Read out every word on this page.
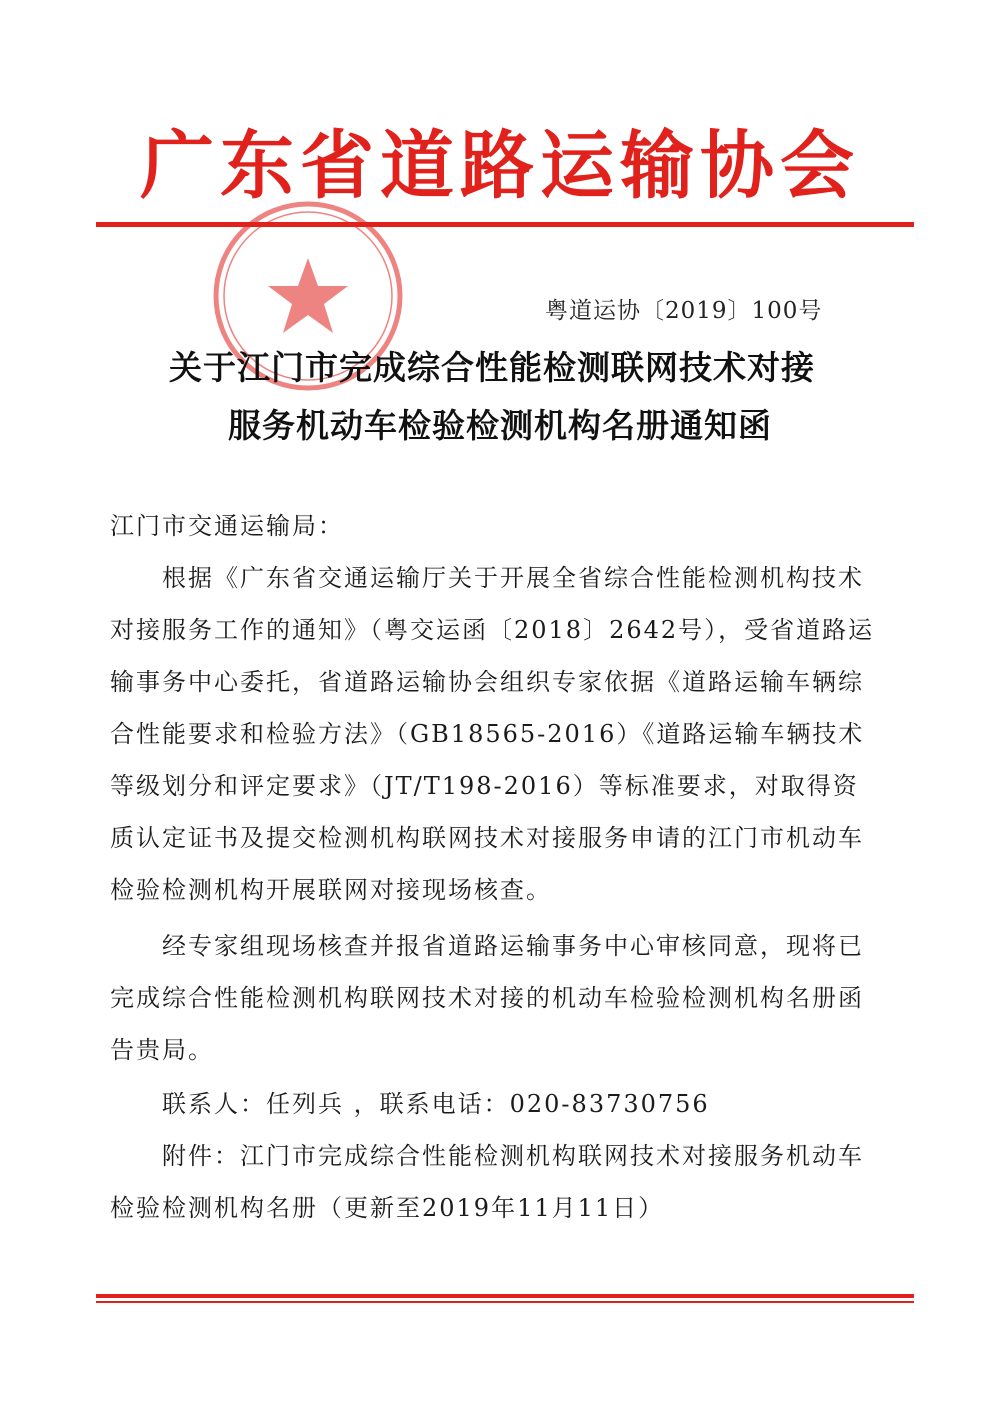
广东省道路运输协会
粤道运协〔2019〕100号
关于江门市完成综合性能检测联网技术对接
服务机动车检验检测机构名册通知函
江门市交通运输局：
根据《广东省交通运输厅关于开展全省综合性能检测机构技术对接服务工作的通知》（粤交运函〔2018〕2642号），受省道路运输事务中心委托，省道路运输协会组织专家依据《道路运输车辆综合性能要求和检验方法》（GB18565-2016）《道路运输车辆技术等级划分和评定要求》（JT/T198-2016）等标准要求，对取得资质认定证书及提交检测机构联网技术对接服务申请的江门市机动车检验检测机构开展联网对接现场核查。
经专家组现场核查并报省道路运输事务中心审核同意，现将已完成综合性能检测机构联网技术对接的机动车检验检测机构名册函告贵局。
联系人：任列兵 ，联系电话：020-83730756
附件：江门市完成综合性能检测机构联网技术对接服务机动车检验检测机构名册（更新至2019年11月11日）
